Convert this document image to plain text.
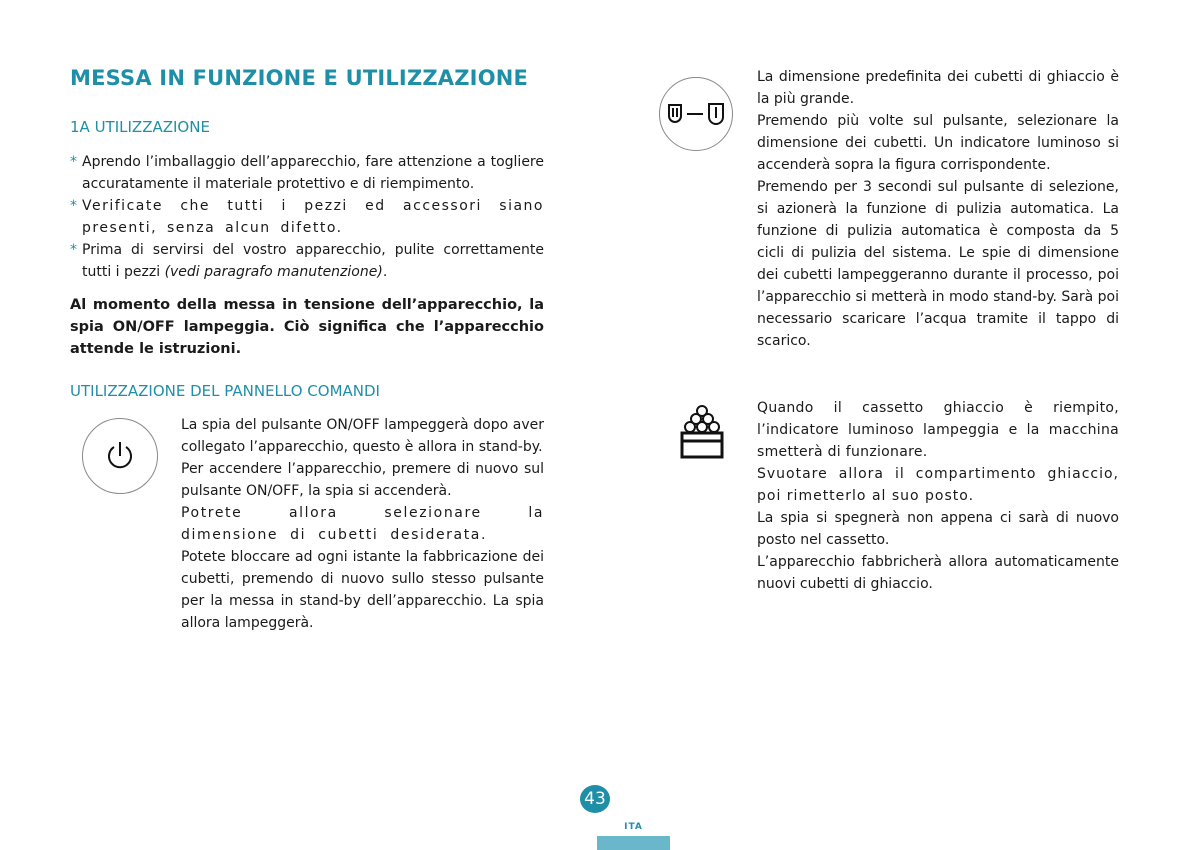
MESSA IN FUNZIONE E UTILIZZAZIONE
1A UTILIZZAZIONE
* Aprendo l’imballaggio dell’apparecchio, fare attenzione a togliere accuratamente il materiale protettivo e di riempimento.
* Verificate che tutti i pezzi ed accessori siano presenti, senza alcun difetto.
* Prima di servirsi del vostro apparecchio, pulite correttamente tutti i pezzi (vedi paragrafo manutenzione).
Al momento della messa in tensione dell’apparecchio, la spia ON/OFF lampeggia. Ciò significa che l’apparecchio attende le istruzioni.
UTILIZZAZIONE DEL PANNELLO COMANDI

La spia del pulsante ON/OFF lampeggerà dopo aver collegato l’apparecchio, questo è allora in stand-by.

Per accendere l’apparecchio, premere di nuovo sul pulsante ON/OFF, la spia si accenderà.

Potrete allora selezionare la dimensione di cubetti desiderata.

Potete bloccare ad ogni istante la fabbricazione dei cubetti, premendo di nuovo sullo stesso pulsante per la messa in stand-by dell’apparecchio. La spia allora lampeggerà.

La dimensione predefinita dei cubetti di ghiaccio è la più grande.

Premendo più volte sul pulsante, selezionare la dimensione dei cubetti. Un indicatore luminoso si accenderà sopra la figura corrispondente.

Premendo per 3 secondi sul pulsante di selezione, si azionerà la funzione di pulizia automatica. La funzione di pulizia automatica è composta da 5 cicli di pulizia del sistema. Le spie di dimensione dei cubetti lampeggeranno durante il processo, poi l’apparecchio si metterà in modo stand-by. Sarà poi necessario scaricare l’acqua tramite il tappo di scarico.

Quando il cassetto ghiaccio è riempito, l’indicatore luminoso lampeggia e la macchina smetterà di funzionare.

Svuotare allora il compartimento ghiaccio, poi rimetterlo al suo posto.

La spia si spegnerà non appena ci sarà di nuovo posto nel cassetto.

L’apparecchio fabbricherà allora automaticamente nuovi cubetti di ghiaccio.

43
ITA
